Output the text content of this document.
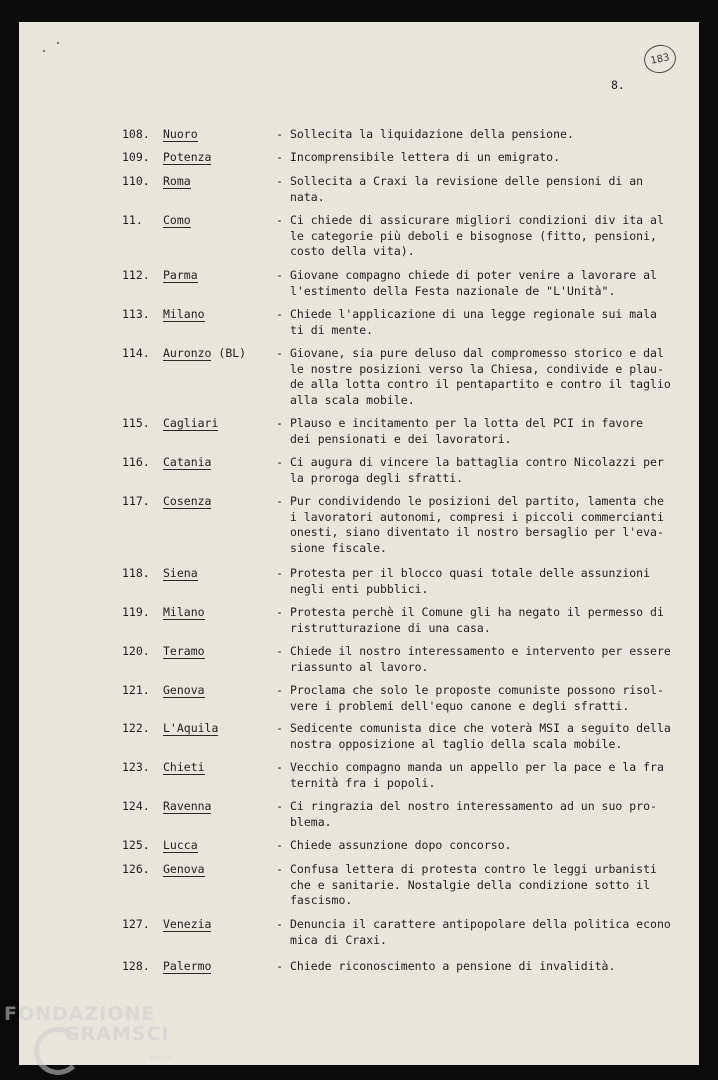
183
8.
108. Nuoro	- Sollecita la liquidazione della pensione.
109. Potenza	- Incomprensibile lettera di un emigrato.
110. Roma	- Sollecita a Craxi la revisione delle pensioni di an
nata.
11.	Como	- Ci chiede di assicurare migliori condizioni div ita al
le categorie più deboli e bisognose (fitto, pensioni,
costo della vita).
112. Parma	- Giovane compagno chiede di poter venire a lavorare al
l'estimento della Festa nazionale de "L'Unità".
113. Milano	- Chiede l'applicazione di una legge regionale sui mala
ti di mente.
114. Auronzo (BL)	- Giovane, sia pure deluso dal compromesso storico e dal
le nostre posizioni verso la Chiesa, condivide e plau-
de alla lotta contro il pentapartito e contro il taglio
alla scala mobile.
115. Cagliari	- Plauso e incitamento per la lotta del PCI in favore
dei pensionati e dei lavoratori.
116. Catania	- Ci augura di vincere la battaglia contro Nicolazzi per
la proroga degli sfratti.
117. Cosenza	- Pur condividendo le posizioni del partito, lamenta che
i lavoratori autonomi, compresi i piccoli commercianti
onesti, siano diventato il nostro bersaglio per l'eva-
sione fiscale.
118. Siena	- Protesta per il blocco quasi totale delle assunzioni
negli enti pubblici.
119. Milano	- Protesta perchè il Comune gli ha negato il permesso di
ristrutturazione di una casa.
120. Teramo	- Chiede il nostro interessamento e intervento per essere
riassunto al lavoro.
121. Genova	- Proclama che solo le proposte comuniste possono risol-
vere i problemi dell'equo canone e degli sfratti.
122. L'Aquila	- Sedicente comunista dice che voterà MSI a seguito della
nostra opposizione al taglio della scala mobile.
123. Chieti	- Vecchio compagno manda un appello per la pace e la fra
ternità fra i popoli.
124. Ravenna	- Ci ringrazia del nostro interessamento ad un suo pro-
blema.
125. Lucca	- Chiede assunzione dopo concorso.
126. Genova	- Confusa lettera di protesta contro le leggi urbanisti
che e sanitarie. Nostalgie della condizione sotto il
fascismo.
127. Venezia	- Denuncia il carattere antipopolare della politica econo
mica di Craxi.
128. Palermo	- Chiede riconoscimento a pensione di invalidità.
FONDAZIONE
GRAMSCI
onlus
